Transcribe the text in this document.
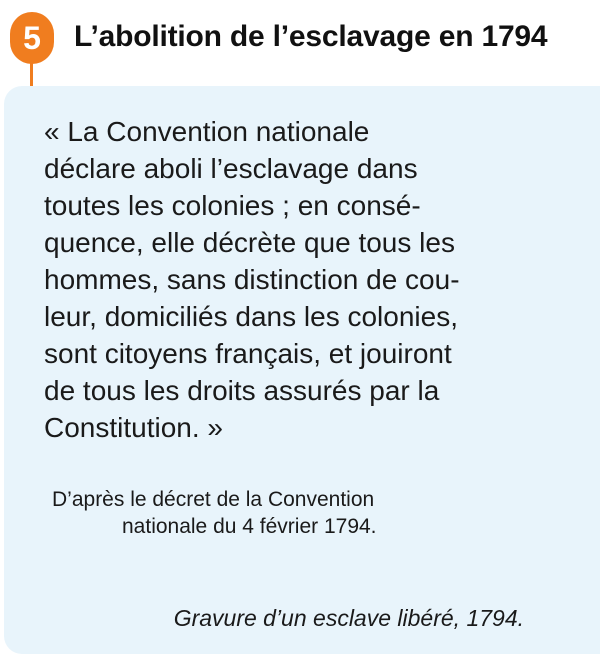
5	L’abolition de l’esclavage en 1794

« La Convention nationale
déclare aboli l’esclavage dans
toutes les colonies ; en consé-
quence, elle décrète que tous les
hommes, sans distinction de cou-
leur, domiciliés dans les colonies,
sont citoyens français, et jouiront
de tous les droits assurés par la
Constitution. »

D’après le décret de la Convention
nationale du 4 février 1794.
Gravure d’un esclave libéré, 1794.
